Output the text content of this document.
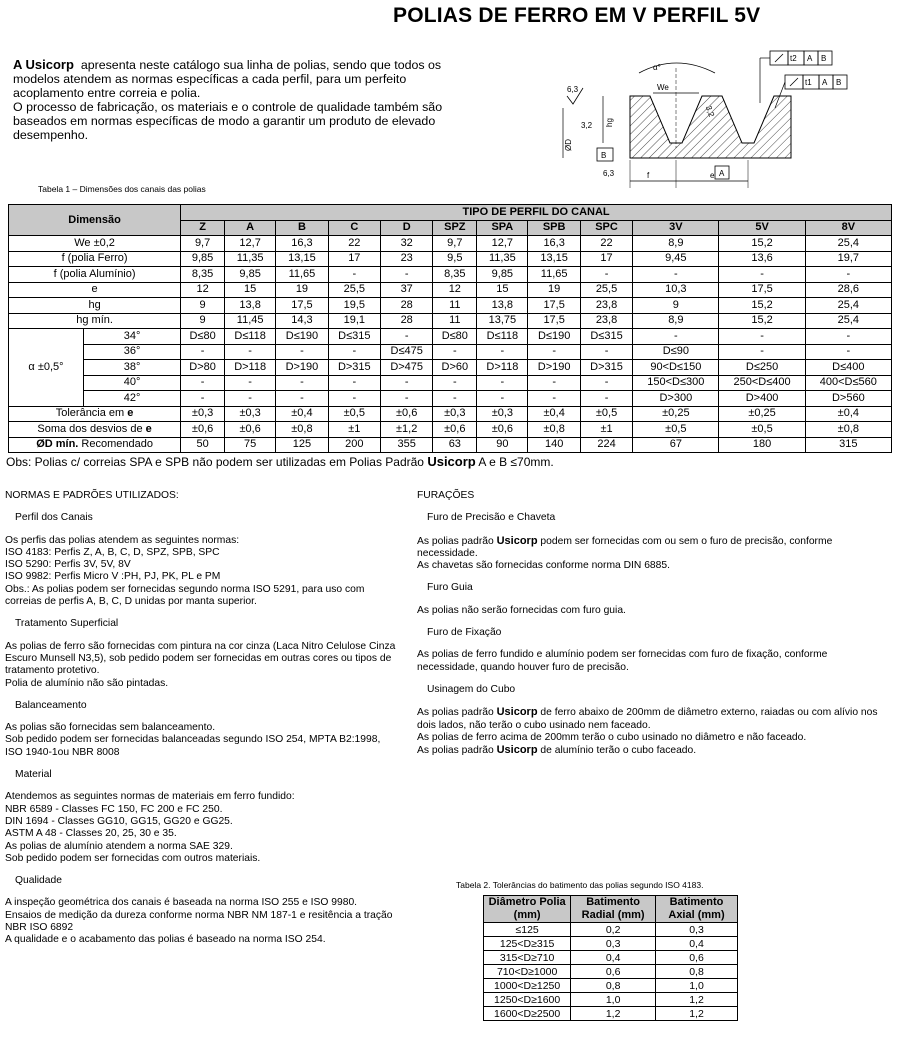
POLIAS DE FERRO EM V PERFIL 5V

A Usicorp apresenta neste catálogo sua linha de polias, sendo que todos os modelos atendem as normas específicas a cada perfil, para um perfeito acoplamento entre correia e polia.

O processo de fabricação, os materiais e o controle de qualidade também são baseados em normas específicas de modo a garantir um produto de elevado desempenho.

α°
We
6,3
3,2 hg
3,2
ØD
B
6,3	f	e A
t2 A B
t1 A B
Tabela 1 – Dimensões dos canais das polias
Dimensão		TIPO DE PERFIL DO CANAL											
		Z	A	B	C	D	SPZ	SPA	SPB	SPC	3V	5V	8V
We ±0,2		9,7	12,7	16,3	22	32	9,7	12,7	16,3	22	8,9	15,2	25,4
f (polia Ferro)		9,85	11,35	13,15	17	23	9,5	11,35	13,15	17	9,45	13,6	19,7
f (polia Alumínio)		8,35	9,85	11,65	-	-	8,35	9,85	11,65	-	-	-	-
e		12	15	19	25,5	37	12	15	19	25,5	10,3	17,5	28,6
hg		9	13,8	17,5	19,5	28	11	13,8	17,5	23,8	9	15,2	25,4
hg mín.		9	11,45	14,3	19,1	28	11	13,75	17,5	23,8	8,9	15,2	25,4
α ±0,5°	34°	D≤80	D≤118	D≤190	D≤315	-	D≤80	D≤118	D≤190	D≤315	-	-	-
	36°	-	-	-	-	D≤475	-	-	-	-	D≤90	-	-
	38°	D>80	D>118	D>190	D>315	D>475	D>60	D>118	D>190	D>315	90<D≤150	D≤250	D≤400
	40°	-	-	-	-	-	-	-	-	-	150<D≤300	250<D≤400	400<D≤560
	42°	-	-	-	-	-	-	-	-	-	D>300	D>400	D>560
Tolerância em e		±0,3	±0,3	±0,4	±0,5	±0,6	±0,3	±0,3	±0,4	±0,5	±0,25	±0,25	±0,4
Soma dos desvios de e		±0,6	±0,6	±0,8	±1	±1,2	±0,6	±0,6	±0,8	±1	±0,5	±0,5	±0,8
ØD mín. Recomendado		50	75	125	200	355	63	90	140	224	67	180	315
Obs: Polias c/ correias SPA e SPB não podem ser utilizadas em Polias Padrão Usicorp A e B ≤70mm.

NORMAS E PADRÕES UTILIZADOS:

Perfil dos Canais

Os perfis das polias atendem as seguintes normas:

ISO 4183: Perfis Z, A, B, C, D, SPZ, SPB, SPC

ISO 5290: Perfis 3V, 5V, 8V

ISO 9982: Perfis Micro V :PH, PJ, PK, PL e PM

Obs.: As polias podem ser fornecidas segundo norma ISO 5291, para uso com correias de perfis A, B, C, D unidas por manta superior.

Tratamento Superficial

As polias de ferro são fornecidas com pintura na cor cinza (Laca Nitro Celulose Cinza Escuro Munsell N3,5), sob pedido podem ser fornecidas em outras cores ou tipos de tratamento protetivo.

Polia de alumínio não são pintadas.

Balanceamento

As polias são fornecidas sem balanceamento.

Sob pedido podem ser fornecidas balanceadas segundo ISO 254, MPTA B2:1998, ISO 1940-1ou NBR 8008

Material

Atendemos as seguintes normas de materiais em ferro fundido:

NBR 6589 - Classes FC 150, FC 200 e FC 250.

DIN 1694 - Classes GG10, GG15, GG20 e GG25.

ASTM A 48 - Classes 20, 25, 30 e 35.

As polias de alumínio atendem a norma SAE 329.

Sob pedido podem ser fornecidas com outros materiais.

Qualidade

A inspeção geométrica dos canais é baseada na norma ISO 255 e ISO 9980.

Ensaios de medição da dureza conforme norma NBR NM 187-1 e resitência a tração NBR ISO 6892

A qualidade e o acabamento das polias é baseado na norma ISO 254.

FURAÇÕES

Furo de Precisão e Chaveta

As polias padrão Usicorp podem ser fornecidas com ou sem o furo de precisão, conforme necessidade.

As chavetas são fornecidas conforme norma DIN 6885.

Furo Guia

As polias não serão fornecidas com furo guia.

Furo de Fixação

As polias de ferro fundido e alumínio podem ser fornecidas com furo de fixação, conforme necessidade, quando houver furo de precisão.

Usinagem do Cubo

As polias padrão Usicorp de ferro abaixo de 200mm de diâmetro externo, raiadas ou com alívio nos dois lados, não terão o cubo usinado nem faceado.

As polias de ferro acima de 200mm terão o cubo usinado no diâmetro e não faceado.

As polias padrão Usicorp de alumínio terão o cubo faceado.

Tabela 2. Tolerâncias do batimento das polias segundo ISO 4183.
Diâmetro Polia (mm)	Batimento Radial (mm)	Batimento Axial (mm)
≤125	0,2	0,3
125<D≥315	0,3	0,4
315<D≥710	0,4	0,6
710<D≥1000	0,6	0,8
1000<D≥1250	0,8	1,0
1250<D≥1600	1,0	1,2
1600<D≥2500	1,2	1,2
